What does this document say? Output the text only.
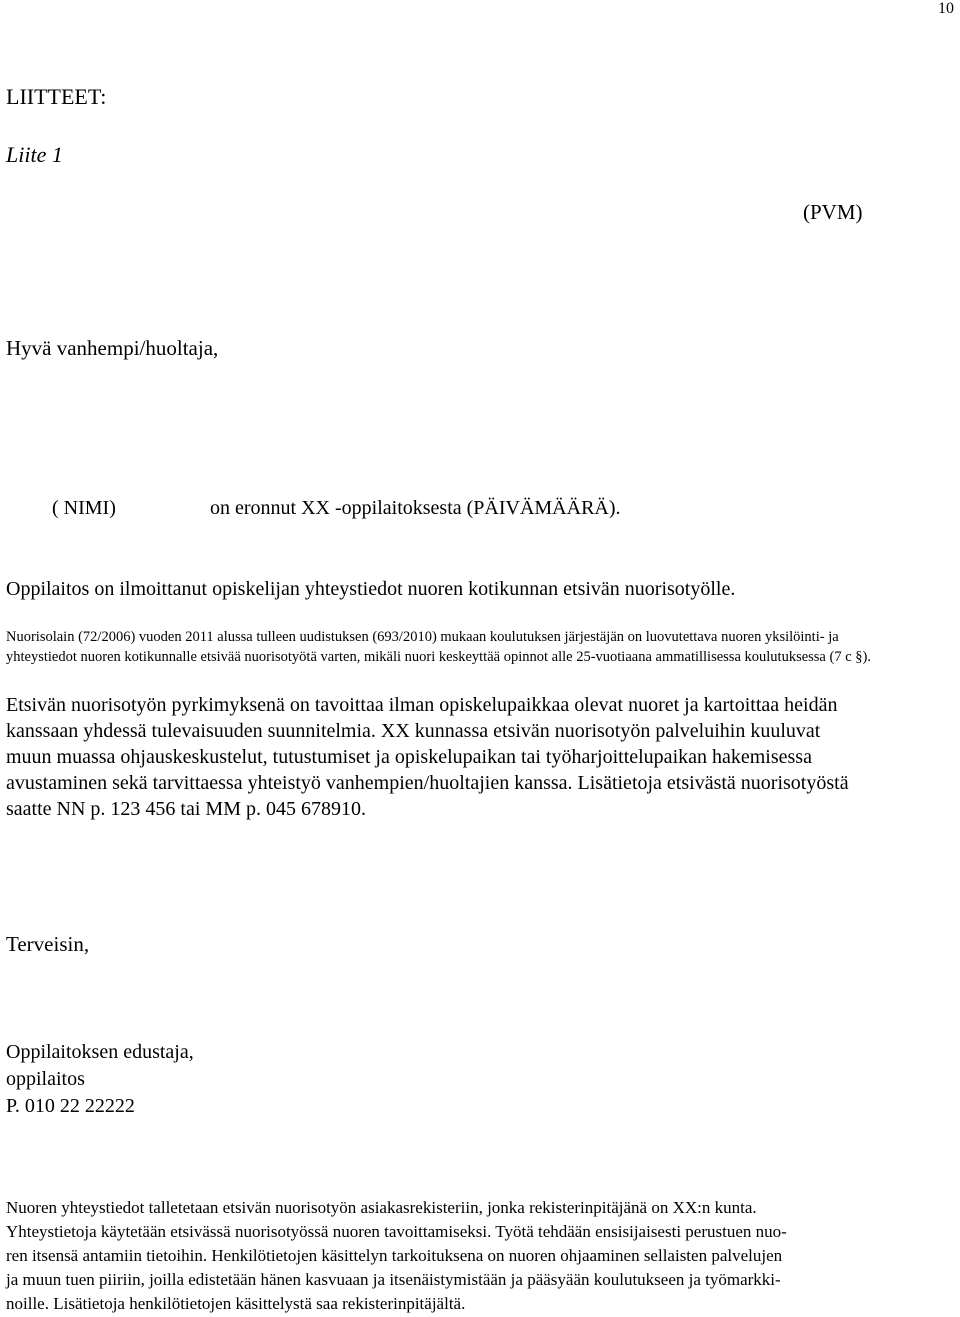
10
LIITTEET:
Liite 1
(PVM)
Hyvä vanhempi/huoltaja,
( NIMI)	on eronnut XX -oppilaitoksesta (PÄIVÄMÄÄRÄ).
Oppilaitos on ilmoittanut opiskelijan yhteystiedot nuoren kotikunnan etsivän nuorisotyölle.

Nuorisolain (72/2006) vuoden 2011 alussa tulleen uudistuksen (693/2010) mukaan koulutuksen järjestäjän on luovutettava nuoren yksilöinti- ja
yhteystiedot nuoren kotikunnalle etsivää nuorisotyötä varten, mikäli nuori keskeyttää opinnot alle 25-vuotiaana ammatillisessa koulutuksessa (7 c §).

Etsivän nuorisotyön pyrkimyksenä on tavoittaa ilman opiskelupaikkaa olevat nuoret ja kartoittaa heidän
kanssaan yhdessä tulevaisuuden suunnitelmia. XX kunnassa etsivän nuorisotyön palveluihin kuuluvat
muun muassa ohjauskeskustelut, tutustumiset ja opiskelupaikan tai työharjoittelupaikan hakemisessa
avustaminen sekä tarvittaessa yhteistyö vanhempien/huoltajien kanssa. Lisätietoja etsivästä nuorisotyöstä
saatte NN p. 123 456 tai MM p. 045 678910.

Terveisin,
Oppilaitoksen edustaja,
oppilaitos
P. 010 22 22222

Nuoren yhteystiedot talletetaan etsivän nuorisotyön asiakasrekisteriin, jonka rekisterinpitäjänä on XX:n kunta.
Yhteystietoja käytetään etsivässä nuorisotyössä nuoren tavoittamiseksi. Työtä tehdään ensisijaisesti perustuen nuo-
ren itsensä antamiin tietoihin. Henkilötietojen käsittelyn tarkoituksena on nuoren ohjaaminen sellaisten palvelujen
ja muun tuen piiriin, joilla edistetään hänen kasvuaan ja itsenäistymistään ja pääsyään koulutukseen ja työmarkki-
noille. Lisätietoja henkilötietojen käsittelystä saa rekisterinpitäjältä.
